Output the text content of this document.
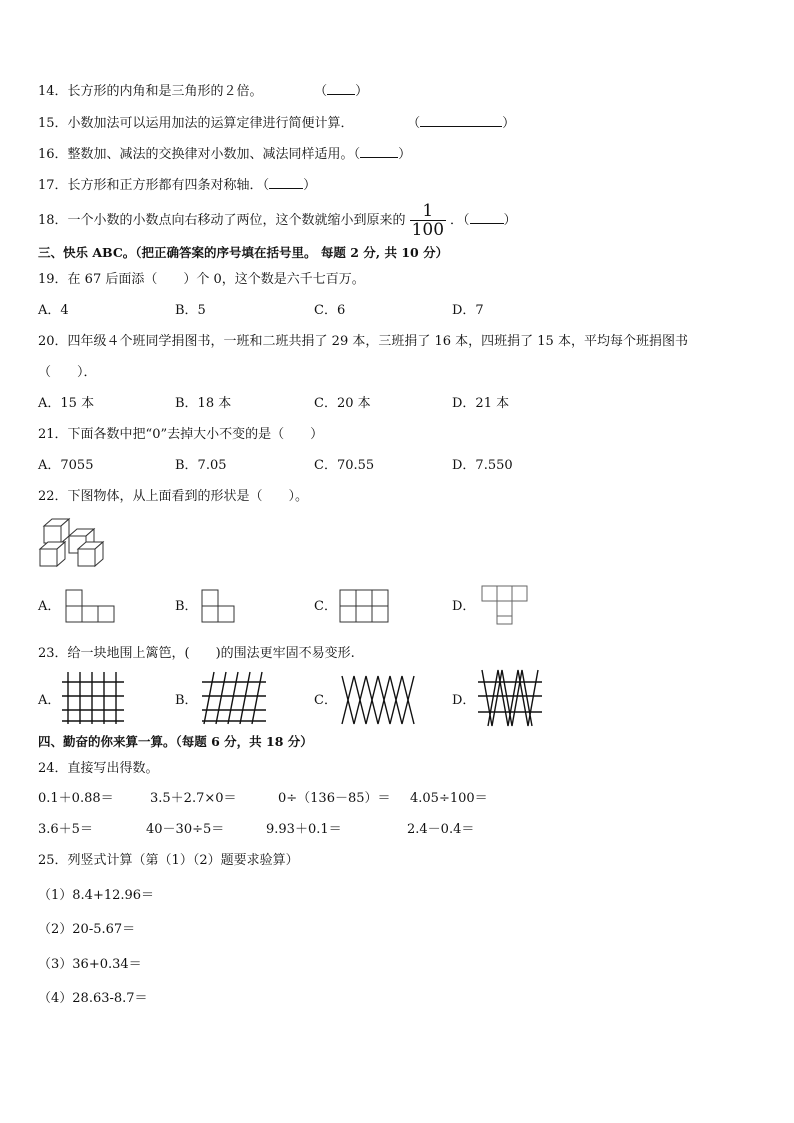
14．长方形的内角和是三角形的２倍。	（ ）
15．小数加法可以运用加法的运算定律进行简便计算．	（	）
16．整数加、减法的交换律对小数加、减法同样适用。（	）
17．长方形和正方形都有四条对称轴．（	）
18．一个小数的小数点向右移动了两位，这个数就缩小到原来的 $\frac{1}{100}$ ．（	）
三、快乐 ABC。（把正确答案的序号填在括号里。 每题 2 分, 共 10 分）
19．在 67 后面添（　　）个 0，这个数是六千七百万。
A．4	B．5	C．6	D．7
20．四年级４个班同学捐图书，一班和二班共捐了 29 本，三班捐了 16 本，四班捐了 15 本，平均每个班捐图书
（　　）．
A．15 本	B．18 本	C．20 本	D．21 本
21．下面各数中把“0”去掉大小不变的是（　　）
A．7055	B．7.05	C．70.55	D．7.550
22．下图物体，从上面看到的形状是（　　）。
A．	B．	C．	D．
23．给一块地围上篱笆，(　　)的围法更牢固不易变形.
A．	B．	C．	D．
四、勤奋的你来算一算。（每题 6 分，共 18 分）
24．直接写出得数。
0.1＋0.88＝	3.5＋2.7×0＝	0÷（136－85）＝ 4.05÷100＝
3.6＋5＝	40－30÷5＝	9.93＋0.1＝	2.4－0.4＝
25．列竖式计算（第（1）（2）题要求验算）
（1）8.4+12.96＝
（2）20-5.67＝
（3）36+0.34＝
（4）28.63-8.7＝
